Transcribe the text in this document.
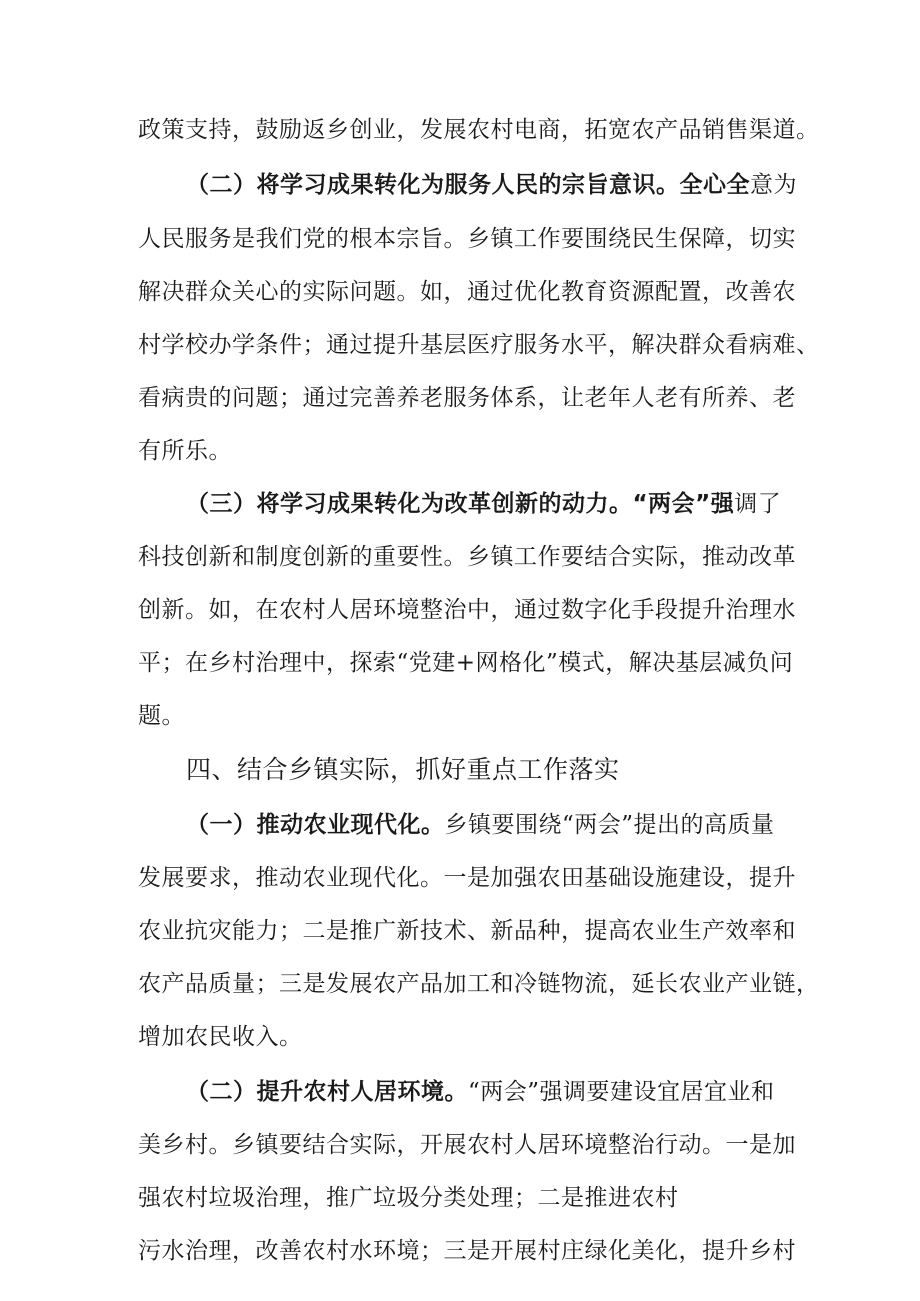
政策支持，鼓励返乡创业，发展农村电商，拓宽农产品销售渠道。
（二）将学习成果转化为服务人民的宗旨意识。全心全意为
人民服务是我们党的根本宗旨。乡镇工作要围绕民生保障，切实
解决群众关心的实际问题。如，通过优化教育资源配置，改善农
村学校办学条件；通过提升基层医疗服务水平，解决群众看病难、
看病贵的问题；通过完善养老服务体系，让老年人老有所养、老
有所乐。
（三）将学习成果转化为改革创新的动力。“两会”强调了
科技创新和制度创新的重要性。乡镇工作要结合实际，推动改革
创新。如，在农村人居环境整治中，通过数字化手段提升治理水
平；在乡村治理中，探索“党建+网格化”模式，解决基层减负问
题。
四、结合乡镇实际，抓好重点工作落实
（一）推动农业现代化。乡镇要围绕“两会”提出的高质量
发展要求，推动农业现代化。一是加强农田基础设施建设，提升
农业抗灾能力；二是推广新技术、新品种，提高农业生产效率和
农产品质量；三是发展农产品加工和冷链物流，延长农业产业链，
增加农民收入。
（二）提升农村人居环境。“两会”强调要建设宜居宜业和
美乡村。乡镇要结合实际，开展农村人居环境整治行动。一是加
强农村垃圾治理，推广垃圾分类处理；二是推进农村
污水治理，改善农村水环境；三是开展村庄绿化美化，提升乡村
